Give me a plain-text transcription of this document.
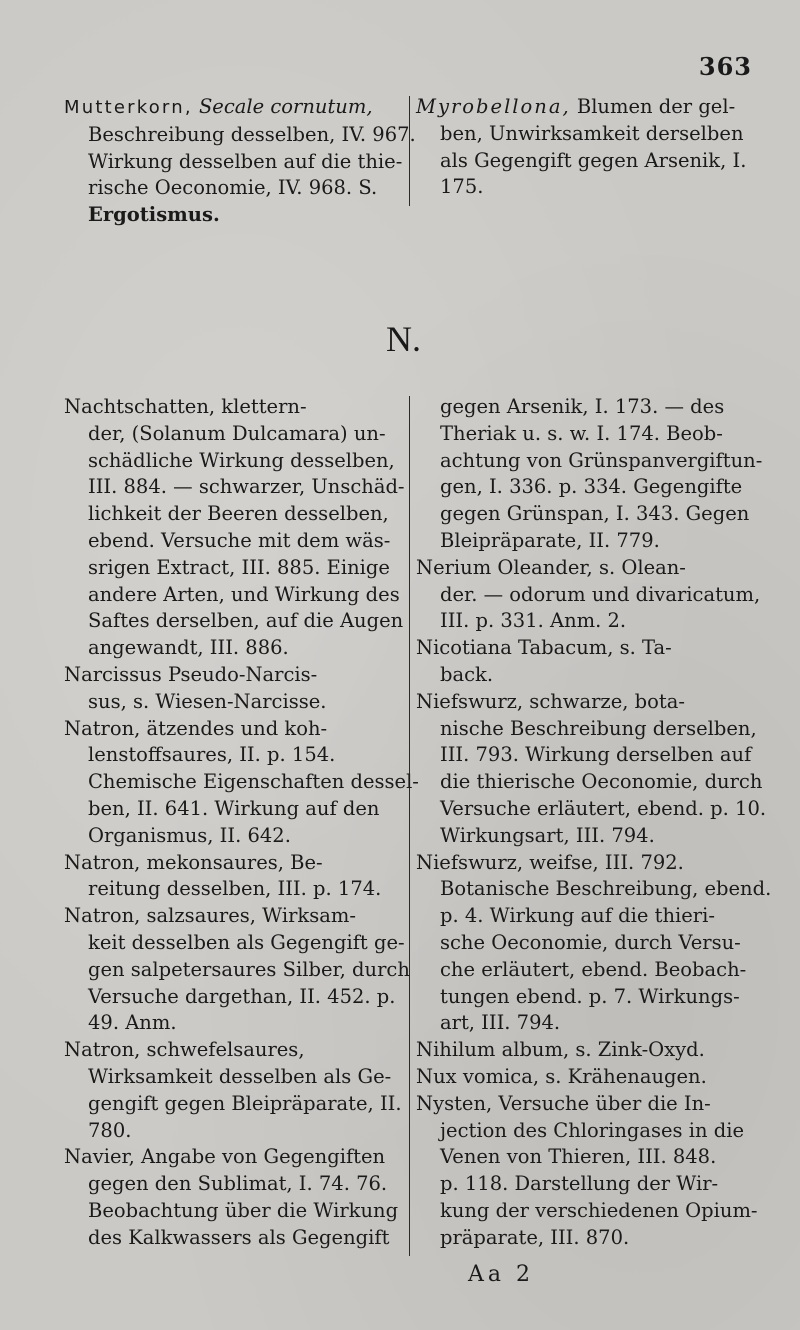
363
Mutterkorn, Secale cornutum,
Beschreibung desselben, IV. 967.
Wirkung desselben auf die thie-
rische Oeconomie, IV. 968. S.
Ergotismus.
Myrobellona, Blumen der gel-
ben, Unwirksamkeit derselben
als Gegengift gegen Arsenik, I.
175.
N.
Nachtschatten, klettern-
der, (Solanum Dulcamara) un-
schädliche Wirkung desselben,
III. 884. — schwarzer, Unschäd-
lichkeit der Beeren desselben,
ebend. Versuche mit dem wäs-
srigen Extract, III. 885. Einige
andere Arten, und Wirkung des
Saftes derselben, auf die Augen
angewandt, III. 886.
Narcissus Pseudo-Narcis-
sus, s. Wiesen-Narcisse.
Natron, ätzendes und koh-
lenstoffsaures, II. p. 154.
Chemische Eigenschaften dessel-
ben, II. 641. Wirkung auf den
Organismus, II. 642.
Natron, mekonsaures, Be-
reitung desselben, III. p. 174.
Natron, salzsaures, Wirksam-
keit desselben als Gegengift ge-
gen salpetersaures Silber, durch
Versuche dargethan, II. 452. p.
49. Anm.
Natron, schwefelsaures,
Wirksamkeit desselben als Ge-
gengift gegen Bleipräparate, II.
780.
Navier, Angabe von Gegengiften
gegen den Sublimat, I. 74. 76.
Beobachtung über die Wirkung
des Kalkwassers als Gegengift
gegen Arsenik, I. 173. — des
Theriak u. s. w. I. 174. Beob-
achtung von Grünspanvergiftun-
gen, I. 336. p. 334. Gegengifte
gegen Grünspan, I. 343. Gegen
Bleipräparate, II. 779.
Nerium Oleander, s. Olean-
der. — odorum und divaricatum,
III. p. 331. Anm. 2.
Nicotiana Tabacum, s. Ta-
back.
Niefswurz, schwarze, bota-
nische Beschreibung derselben,
III. 793. Wirkung derselben auf
die thierische Oeconomie, durch
Versuche erläutert, ebend. p. 10.
Wirkungsart, III. 794.
Niefswurz, weifse, III. 792.
Botanische Beschreibung, ebend.
p. 4. Wirkung auf die thieri-
sche Oeconomie, durch Versu-
che erläutert, ebend. Beobach-
tungen ebend. p. 7. Wirkungs-
art, III. 794.
Nihilum album, s. Zink-Oxyd.
Nux vomica, s. Krähenaugen.
Nysten, Versuche über die In-
jection des Chloringases in die
Venen von Thieren, III. 848.
p. 118. Darstellung der Wir-
kung der verschiedenen Opium-
präparate, III. 870.
Aa 2
